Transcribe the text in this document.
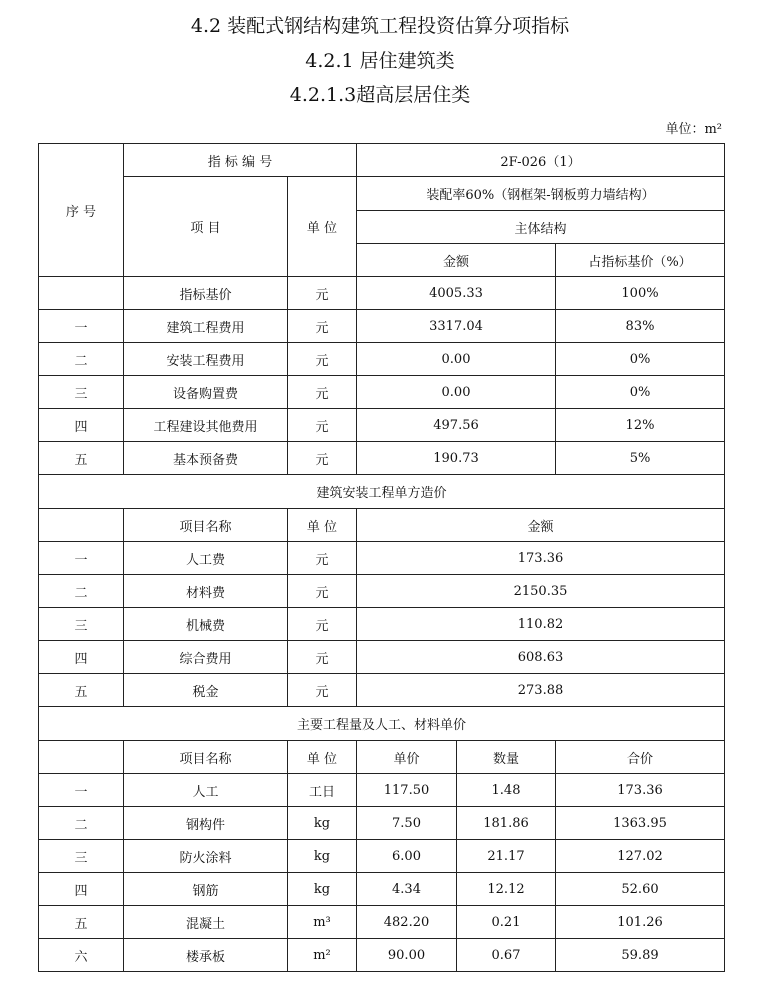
4.2 装配式钢结构建筑工程投资估算分项指标
4.2.1 居住建筑类
4.2.1.3超高层居住类
单位：m²
序 号	指 标 编 号		2F-026（1）		
	项 目	单 位	装配率60%（钢框架-钢板剪力墙结构）		
			主体结构		
			金额		占指标基价（%）
	指标基价	元	4005.33		100%
一	建筑工程费用	元	3317.04		83%
二	安装工程费用	元	0.00		0%
三	设备购置费	元	0.00		0%
四	工程建设其他费用	元	497.56		12%
五	基本预备费	元	190.73		5%
建筑安装工程单方造价					
	项目名称	单 位	金额		
一	人工费	元	173.36		
二	材料费	元	2150.35		
三	机械费	元	110.82		
四	综合费用	元	608.63		
五	税金	元	273.88		
主要工程量及人工、材料单价					
	项目名称	单 位	单价	数量	合价
一	人工	工日	117.50	1.48	173.36
二	钢构件	kg	7.50	181.86	1363.95
三	防火涂料	kg	6.00	21.17	127.02
四	钢筋	kg	4.34	12.12	52.60
五	混凝土	m³	482.20	0.21	101.26
六	楼承板	m²	90.00	0.67	59.89
